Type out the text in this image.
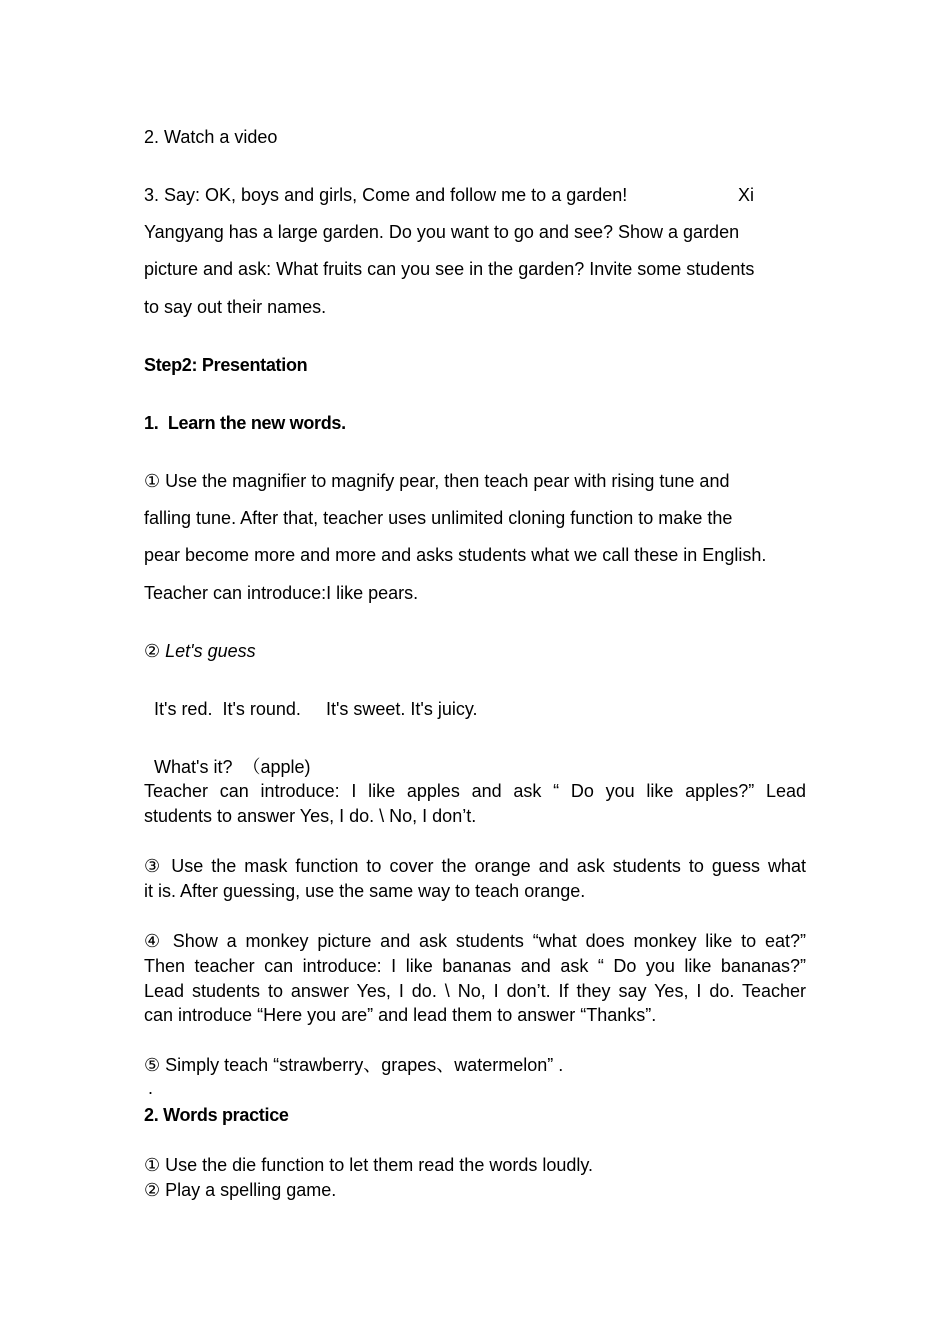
2. Watch a video
3. Say: OK, boys and girls, Come and follow me to a garden!	Xi
Yangyang has a large garden. Do you want to go and see? Show a garden
picture and ask: What fruits can you see in the garden? Invite some students
to say out their names.
Step2: Presentation
1.  Learn the new words.
① Use the magnifier to magnify pear, then teach pear with rising tune and
falling tune. After that, teacher uses unlimited cloning function to make the
pear become more and more and asks students what we call these in English.
Teacher can introduce:I like pears.
② Let's guess
It's red.  It's round.     It's sweet. It's juicy.
What's it?  （apple)
Teacher can introduce: I like apples and ask “ Do you like apples?” Lead
students to answer Yes, I do. \ No, I don’t.
③ Use the mask function to cover the orange and ask students to guess what
it is. After guessing, use the same way to teach orange.
④ Show a monkey picture and ask students “what does monkey like to eat?”
Then teacher can introduce: I like bananas and ask “ Do you like bananas?”
Lead students to answer Yes, I do. \ No, I don’t. If they say Yes, I do. Teacher
can introduce “Here you are” and lead them to answer “Thanks”.
⑤ Simply teach “strawberry、grapes、watermelon” .
.
2. Words practice
① Use the die function to let them read the words loudly.
② Play a spelling game.
